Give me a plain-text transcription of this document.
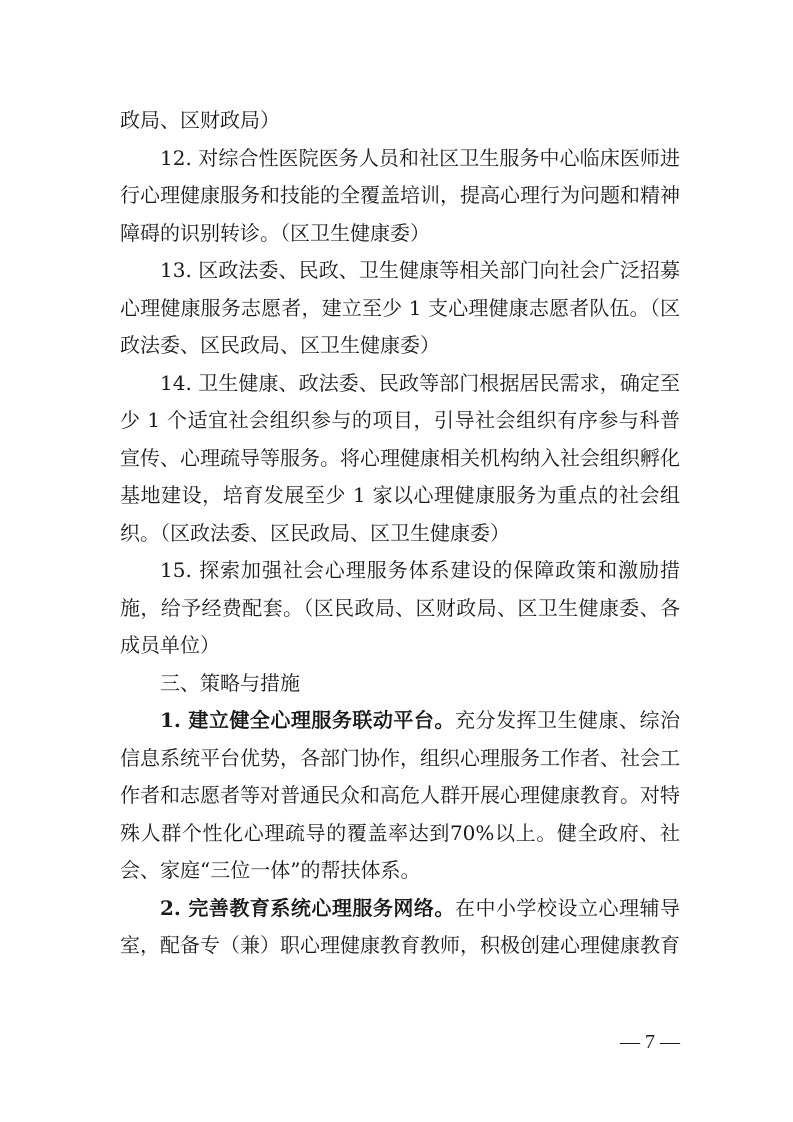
政局、区财政局）

12. 对综合性医院医务人员和社区卫生服务中心临床医师进行心理健康服务和技能的全覆盖培训，提高心理行为问题和精神障碍的识别转诊。（区卫生健康委）

13. 区政法委、民政、卫生健康等相关部门向社会广泛招募心理健康服务志愿者，建立至少 1 支心理健康志愿者队伍。（区政法委、区民政局、区卫生健康委）

14. 卫生健康、政法委、民政等部门根据居民需求，确定至少 1 个适宜社会组织参与的项目，引导社会组织有序参与科普宣传、心理疏导等服务。将心理健康相关机构纳入社会组织孵化基地建设，培育发展至少 1 家以心理健康服务为重点的社会组织。（区政法委、区民政局、区卫生健康委）

15. 探索加强社会心理服务体系建设的保障政策和激励措施，给予经费配套。（区民政局、区财政局、区卫生健康委、各成员单位）

三、策略与措施

1. 建立健全心理服务联动平台。充分发挥卫生健康、综治信息系统平台优势，各部门协作，组织心理服务工作者、社会工作者和志愿者等对普通民众和高危人群开展心理健康教育。对特殊人群个性化心理疏导的覆盖率达到70%以上。健全政府、社会、家庭“三位一体”的帮扶体系。

2. 完善教育系统心理服务网络。在中小学校设立心理辅导室，配备专（兼）职心理健康教育教师，积极创建心理健康教育

— 7 —
